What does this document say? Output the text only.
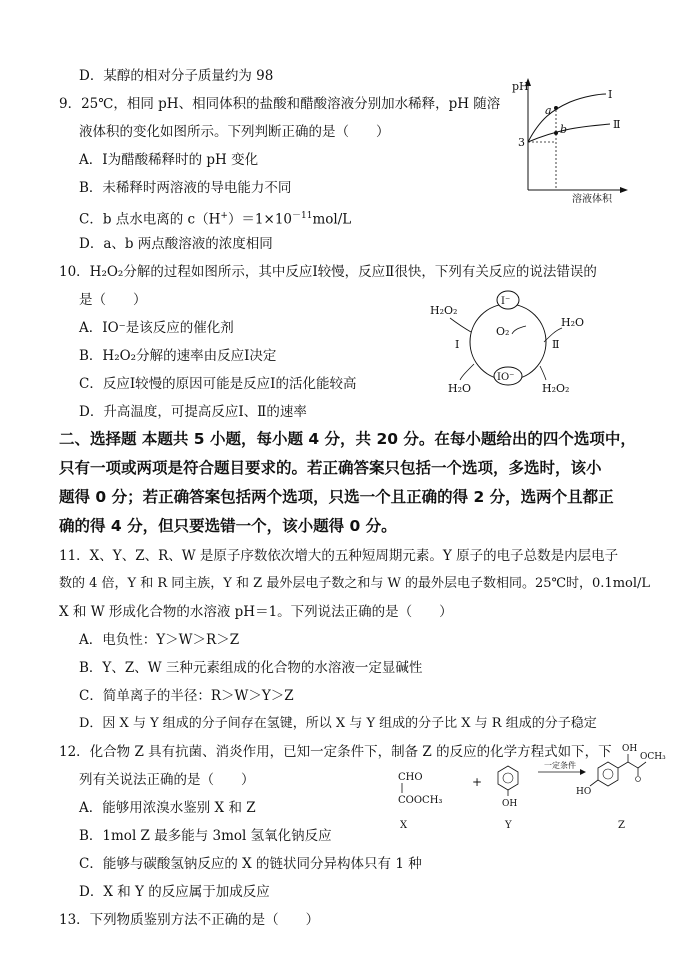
D．某醇的相对分子质量约为 98
9．25℃，相同 pH、相同体积的盐酸和醋酸溶液分别加水稀释，pH 随溶
液体积的变化如图所示。下列判断正确的是（　　）
A．Ⅰ为醋酸稀释时的 pH 变化
B．未稀释时两溶液的导电能力不同
C．b 点水电离的 $c(H^+)=1\times 10^{-11}mol/L$
D．a、b 两点酸溶液的浓度相同
10．H₂O₂分解的过程如图所示，其中反应Ⅰ较慢，反应Ⅱ很快，下列有关反应的说法错误的
是（　　）
A．IO⁻是该反应的催化剂
B．H₂O₂分解的速率由反应Ⅰ决定
C．反应Ⅰ较慢的原因可能是反应Ⅰ的活化能较高
D．升高温度，可提高反应Ⅰ、Ⅱ的速率
二、选择题 本题共 5 小题，每小题 4 分，共 20 分。在每小题给出的四个选项中，
只有一项或两项是符合题目要求的。若正确答案只包括一个选项，多选时，该小
题得 0 分；若正确答案包括两个选项，只选一个且正确的得 2 分，选两个且都正
确的得 4 分，但只要选错一个，该小题得 0 分。
11．X、Y、Z、R、W 是原子序数依次增大的五种短周期元素。Y 原子的电子总数是内层电子
数的 4 倍，Y 和 R 同主族，Y 和 Z 最外层电子数之和与 W 的最外层电子数相同。25℃时，0.1mol/L
X 和 W 形成化合物的水溶液 pH＝1。下列说法正确的是（　　）
A．电负性：Y＞W＞R＞Z
B．Y、Z、W 三种元素组成的化合物的水溶液一定显碱性
C．简单离子的半径：R＞W＞Y＞Z
D．因 X 与 Y 组成的分子间存在氢键，所以 X 与 Y 组成的分子比 X 与 R 组成的分子稳定
12．化合物 Z 具有抗菌、消炎作用，已知一定条件下，制备 Z 的反应的化学方程式如下，下
列有关说法正确的是（　　）
A．能够用浓溴水鉴别 X 和 Z
B．1mol Z 最多能与 3mol 氢氧化钠反应
C．能够与碳酸氢钠反应的 X 的链状同分异构体只有 1 种
D．X 和 Y 的反应属于加成反应
13．下列物质鉴别方法不正确的是（　　）
pH
3
溶液体积
a
b
Ⅰ
Ⅱ
I⁻
IO⁻
O₂
Ⅰ	Ⅱ
H₂O₂
H₂O
H₂O	H₂O₂
CHO
COOCH₃
+
OH
一定条件
HO
OH
OCH₃
X	Y	Z
